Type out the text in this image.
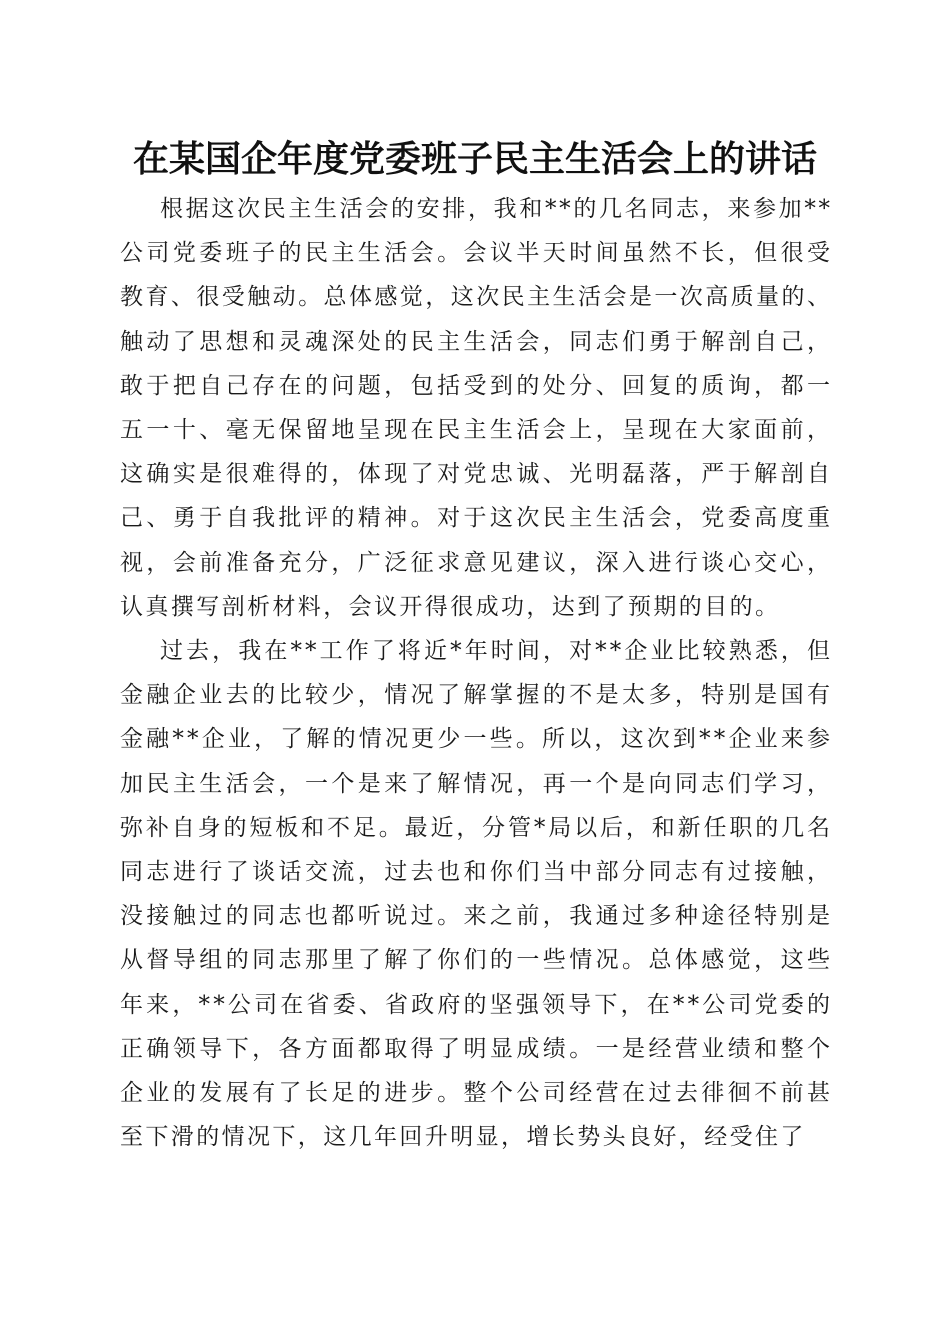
在某国企年度党委班子民主生活会上的讲话

根据这次民主生活会的安排，我和**的几名同志，来参加**

公司党委班子的民主生活会。会议半天时间虽然不长，但很受

教育、很受触动。总体感觉，这次民主生活会是一次高质量的、

触动了思想和灵魂深处的民主生活会，同志们勇于解剖自己，

敢于把自己存在的问题，包括受到的处分、回复的质询，都一

五一十、毫无保留地呈现在民主生活会上，呈现在大家面前，

这确实是很难得的，体现了对党忠诚、光明磊落，严于解剖自

己、勇于自我批评的精神。对于这次民主生活会，党委高度重

视，会前准备充分，广泛征求意见建议，深入进行谈心交心，

认真撰写剖析材料，会议开得很成功，达到了预期的目的。

过去，我在**工作了将近*年时间，对**企业比较熟悉，但

金融企业去的比较少，情况了解掌握的不是太多，特别是国有

金融**企业，了解的情况更少一些。所以，这次到**企业来参

加民主生活会，一个是来了解情况，再一个是向同志们学习，

弥补自身的短板和不足。最近，分管*局以后，和新任职的几名

同志进行了谈话交流，过去也和你们当中部分同志有过接触，

没接触过的同志也都听说过。来之前，我通过多种途径特别是

从督导组的同志那里了解了你们的一些情况。总体感觉，这些

年来，**公司在省委、省政府的坚强领导下，在**公司党委的

正确领导下，各方面都取得了明显成绩。一是经营业绩和整个

企业的发展有了长足的进步。整个公司经营在过去徘徊不前甚

至下滑的情况下，这几年回升明显，增长势头良好，经受住了
